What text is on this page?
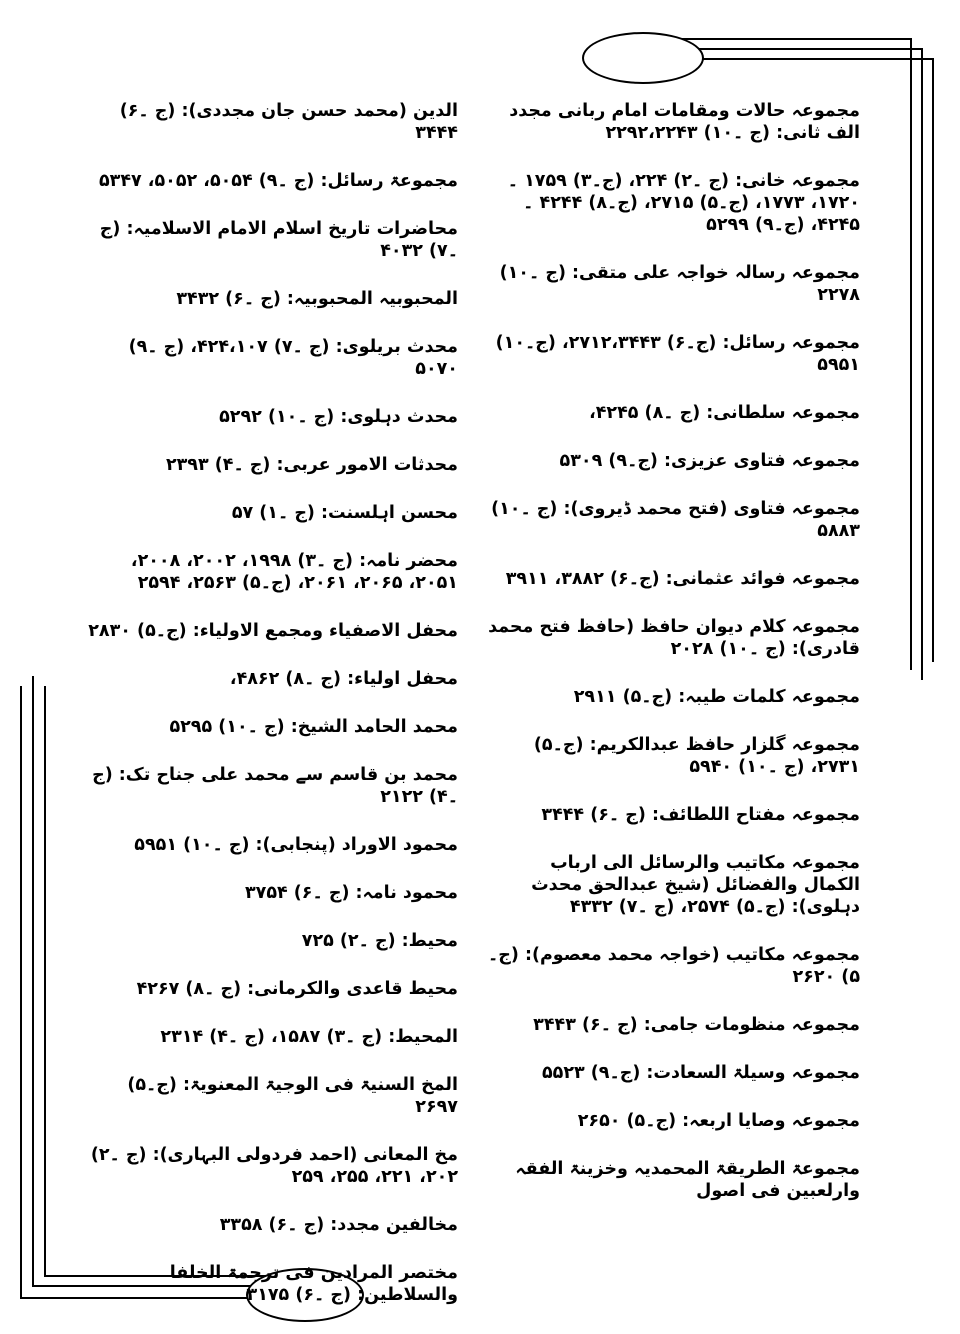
مجموعہ حالات ومقامات امام ربانی مجدد الف ثانی: (ج ۔۱۰) ۲۲۹۲،۲۲۴۳
مجموعہ خانی: (ج ۔۲) ۲۲۴، (ج۔۳) ۱۷۵۹ ۔ ۱۷۲۰، ۱۷۷۳، (ج۔۵) ۲۷۱۵، (ج۔۸) ۴۲۴۴ ۔ ۴۲۴۵، (ج۔۹) ۵۲۹۹
مجموعہ رسالہ خواجہ علی متقی: (ج ۔۱۰) ۲۲۷۸
مجموعہ رسائل: (ج۔۶) ۲۷۱۲،۳۴۴۳، (ج۔۱۰) ۵۹۵۱
مجموعہ سلطانی: (ج ۔۸) ۴۲۴۵،
مجموعہ فتاوی عزیزی: (ج۔۹) ۵۳۰۹
مجموعہ فتاوی (فتح محمد ڈیروی): (ج ۔۱۰) ۵۸۸۳
مجموعہ فوائد عثمانی: (ج۔۶) ۳۸۸۲، ۳۹۱۱
مجموعہ کلام دیوان حافظ (حافظ فتح محمد قادری): (ج ۔۱۰) ۲۰۲۸
مجموعہ کلمات طیبہ: (ج۔۵) ۲۹۱۱
مجموعہ گلزار حافظ عبدالکریم: (ج۔۵) ۲۷۳۱، (ج ۔۱۰) ۵۹۴۰
مجموعہ مفتاح اللطائف: (ج ۔۶) ۳۴۴۴
مجموعہ مکاتیب والرسائل الی ارباب الکمال والفضائل (شیخ عبدالحق محدث دہلوی): (ج۔۵) ۲۵۷۴، (ج ۔۷) ۴۳۳۲
مجموعہ مکاتیب (خواجہ محمد معصوم): (ج۔۵) ۲۶۲۰
مجموعہ منظومات جامی: (ج ۔۶) ۳۴۴۳
مجموعہ وسیلۃ السعادت: (ج۔۹) ۵۵۲۳
مجموعہ وصایا اربعہ: (ج۔۵) ۲۶۵۰
مجموعۃ الطریقۃ المحمدیہ وخزینۃ الفقہ وارلعبین فی اصول
الدین (محمد حسن جان مجددی): (ج ۔۶) ۳۴۴۴
مجموعۃ رسائل: (ج ۔۹) ۵۰۵۴، ۵۰۵۲، ۵۳۴۷
محاضرات تاریخ اسلام الامام الاسلامیہ: (ج ۔۷) ۴۰۳۲
المحبوبیہ المحبوبیہ: (ج ۔۶) ۳۴۳۲
محدث بریلوی: (ج ۔۷) ۴۲۴،۱۰۷، (ج ۔۹) ۵۰۷۰
محدث دہلوی: (ج ۔۱۰) ۵۲۹۲
محدثات الامور عربی: (ج ۔۴) ۲۳۹۳
محسن اہلسنت: (ج ۔۱) ۵۷
محضر نامہ: (ج ۔۳) ۱۹۹۸، ۲۰۰۲، ۲۰۰۸، ۲۰۵۱، ۲۰۶۵، ۲۰۶۱، (ج۔۵) ۲۵۶۳، ۲۵۹۴
محفل الاصفیاء ومجمع الاولیاء: (ج۔۵) ۲۸۳۰
محفل اولیاء: (ج ۔۸) ۴۸۶۲،
محمد الحامد الشیخ: (ج ۔۱۰) ۵۲۹۵
محمد بن قاسم سے محمد علی جناح تک: (ج ۔۴) ۲۱۲۲
محمود الاوراد (پنجابی): (ج ۔۱۰) ۵۹۵۱
محمود نامہ: (ج ۔۶) ۳۷۵۴
محیط: (ج ۔۲) ۷۲۵
محیط قاعدی والکرمانی: (ج ۔۸) ۴۲۶۷
المحیط: (ج ۔۳) ۱۵۸۷، (ج ۔۴) ۲۳۱۴
المخ السنیۃ فی الوجیۃ المعنویۃ: (ج۔۵) ۲۶۹۷
مخ المعانی (احمد فردولی البہاری): (ج ۔۲) ۲۰۲، ۲۲۱، ۲۵۵، ۲۵۹
مخالفین مجدد: (ج ۔۶) ۳۳۵۸
مختصر المرادین فی ترجمۃ الخلفا والسلاطین: (ج ۔۶) ۳۱۷۵
